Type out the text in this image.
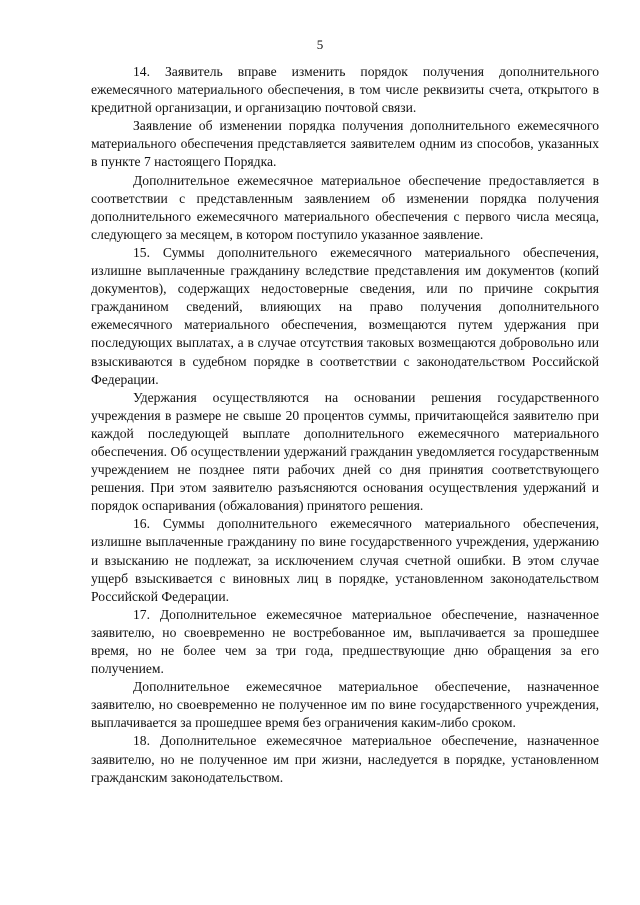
5

14. Заявитель вправе изменить порядок получения дополнительного ежемесячного материального обеспечения, в том числе реквизиты счета, открытого в кредитной организации, и организацию почтовой связи.

Заявление об изменении порядка получения дополнительного ежемесячного материального обеспечения представляется заявителем одним из способов, указанных в пункте 7 настоящего Порядка.

Дополнительное ежемесячное материальное обеспечение предоставляется в соответствии с представленным заявлением об изменении порядка получения дополнительного ежемесячного материального обеспечения с первого числа месяца, следующего за месяцем, в котором поступило указанное заявление.

15. Суммы дополнительного ежемесячного материального обеспечения, излишне выплаченные гражданину вследствие представления им документов (копий документов), содержащих недостоверные сведения, или по причине сокрытия гражданином сведений, влияющих на право получения дополнительного ежемесячного материального обеспечения, возмещаются путем удержания при последующих выплатах, а в случае отсутствия таковых возмещаются добровольно или взыскиваются в судебном порядке в соответствии с законодательством Российской Федерации.

Удержания осуществляются на основании решения государственного учреждения в размере не свыше 20 процентов суммы, причитающейся заявителю при каждой последующей выплате дополнительного ежемесячного материального обеспечения. Об осуществлении удержаний гражданин уведомляется государственным учреждением не позднее пяти рабочих дней со дня принятия соответствующего решения. При этом заявителю разъясняются основания осуществления удержаний и порядок оспаривания (обжалования) принятого решения.

16. Суммы дополнительного ежемесячного материального обеспечения, излишне выплаченные гражданину по вине государственного учреждения, удержанию и взысканию не подлежат, за исключением случая счетной ошибки. В этом случае ущерб взыскивается с виновных лиц в порядке, установленном законодательством Российской Федерации.

17. Дополнительное ежемесячное материальное обеспечение, назначенное заявителю, но своевременно не востребованное им, выплачивается за прошедшее время, но не более чем за три года, предшествующие дню обращения за его получением.

Дополнительное ежемесячное материальное обеспечение, назначенное заявителю, но своевременно не полученное им по вине государственного учреждения, выплачивается за прошедшее время без ограничения каким-либо сроком.

18. Дополнительное ежемесячное материальное обеспечение, назначенное заявителю, но не полученное им при жизни, наследуется в порядке, установленном гражданским законодательством.
